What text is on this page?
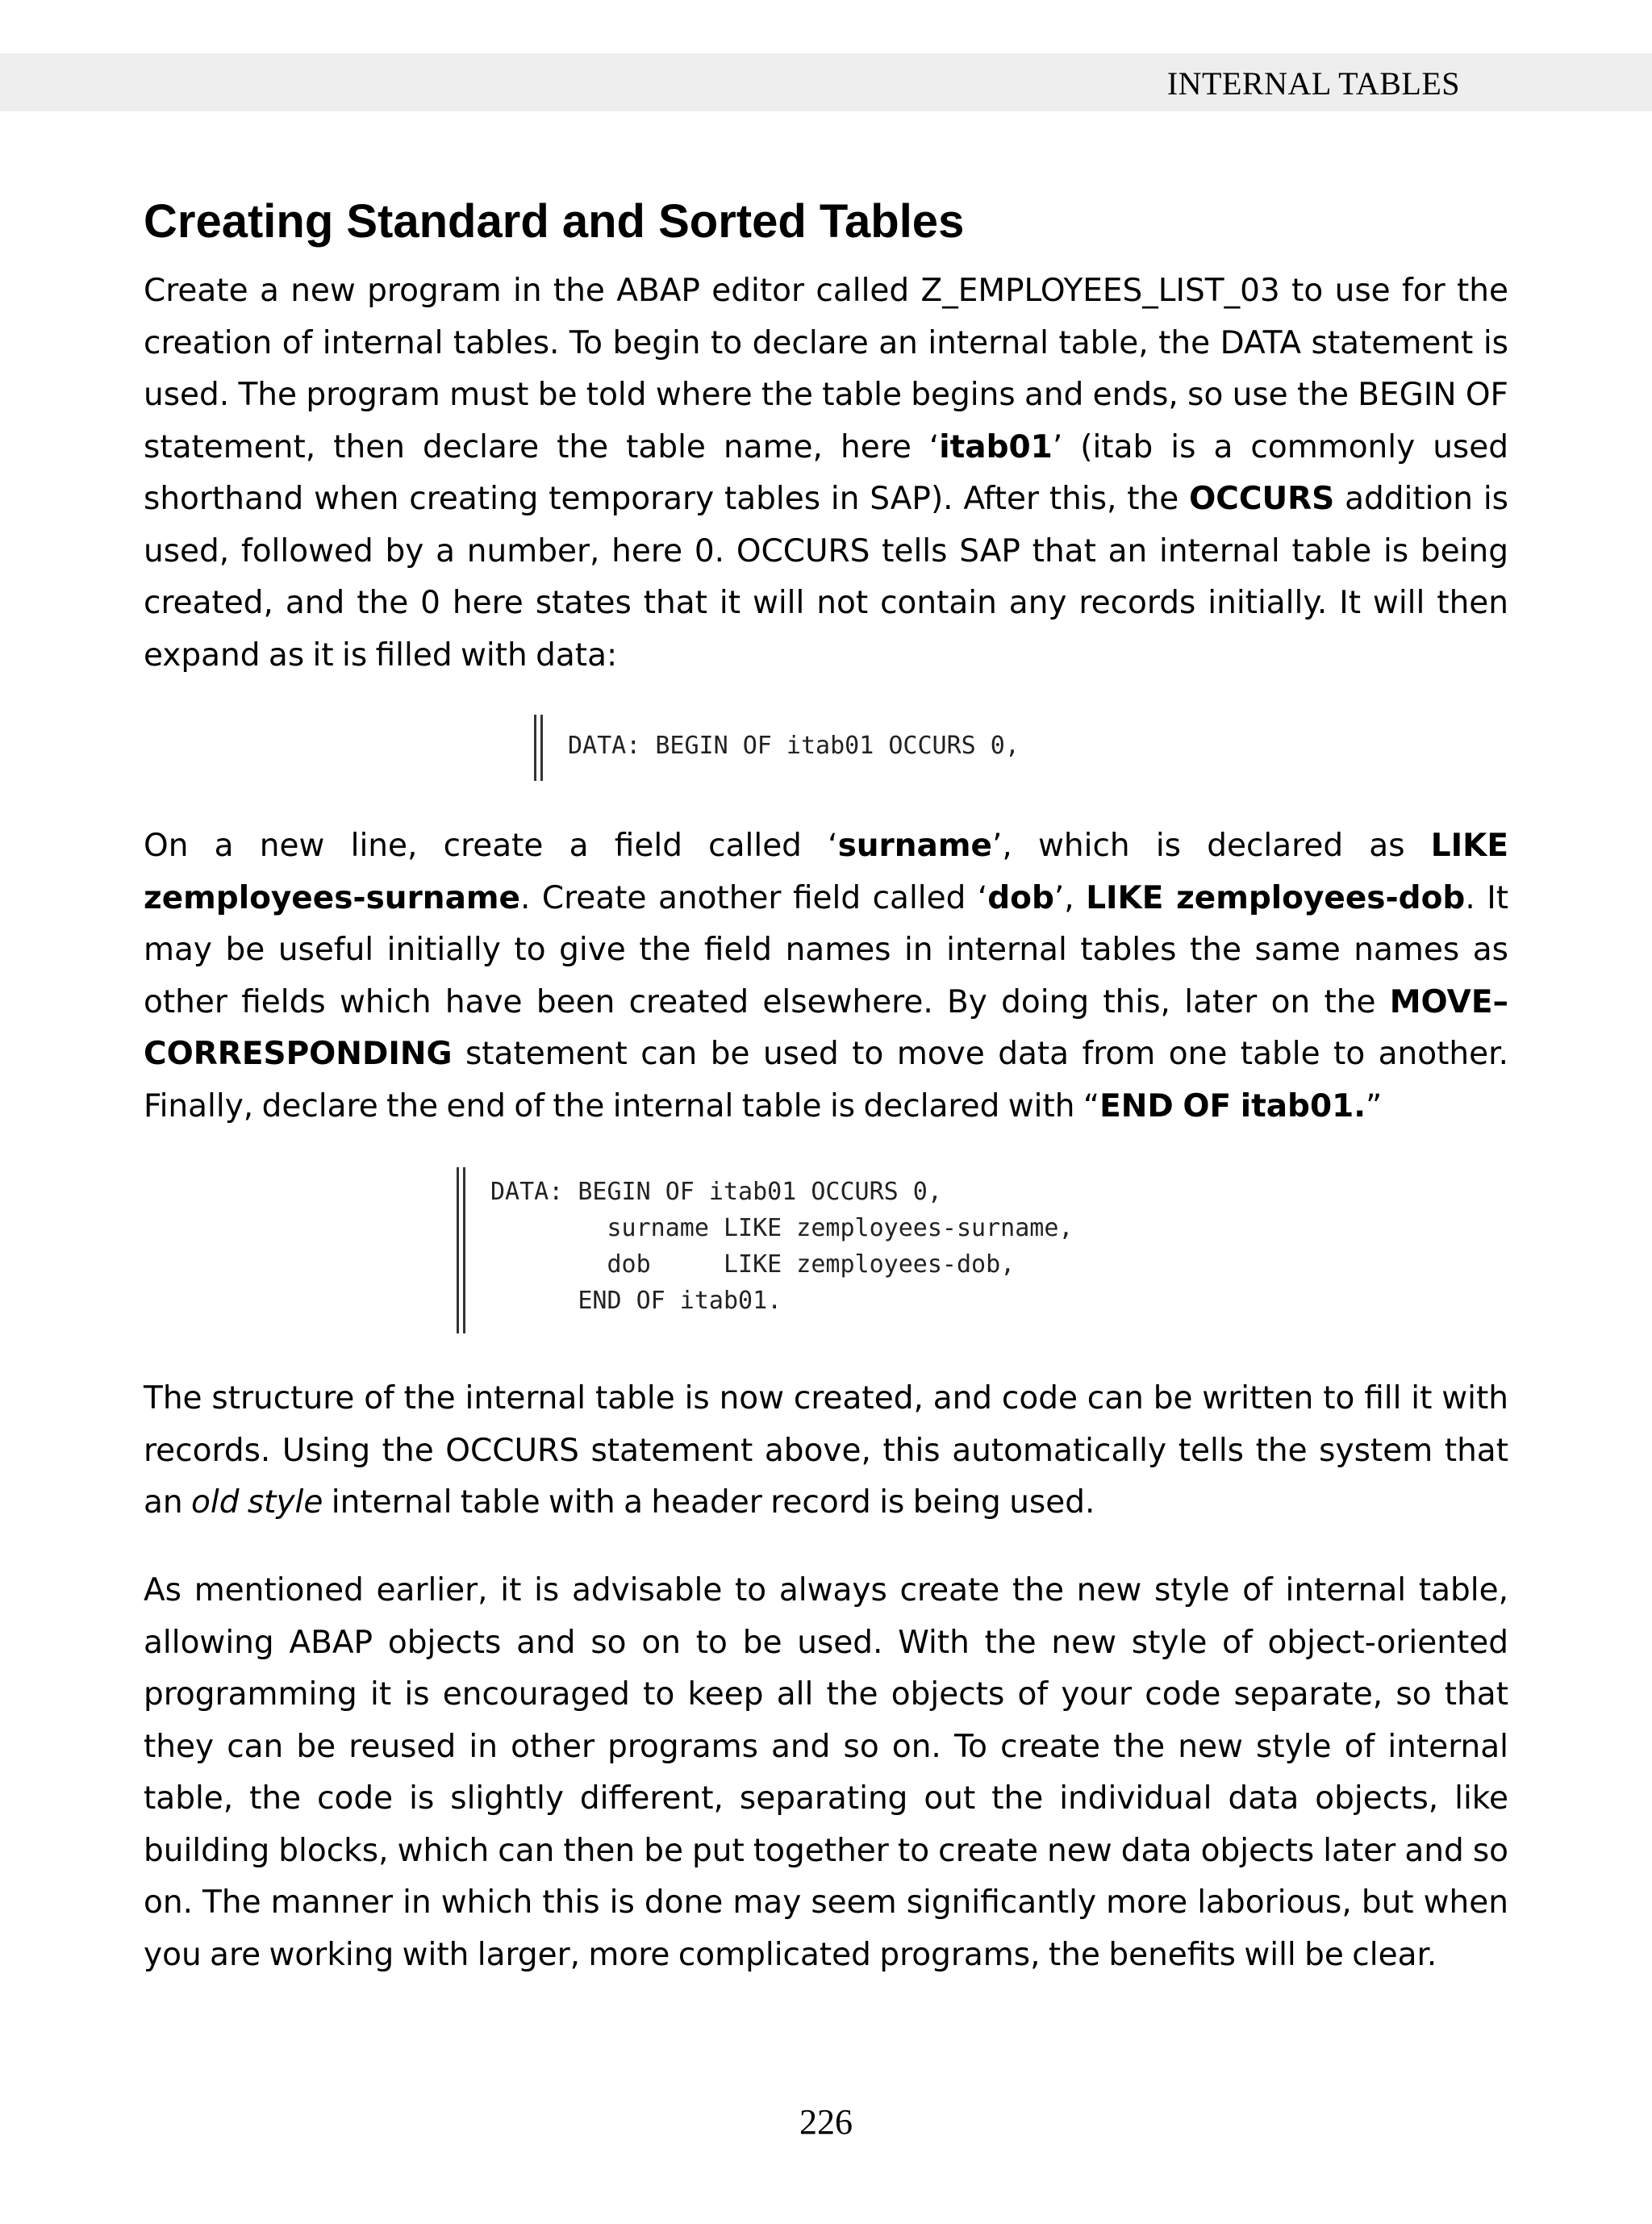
INTERNAL TABLES
Creating Standard and Sorted Tables

Create a new program in the ABAP editor called Z_EMPLOYEES_LIST_03 to use for the creation of internal tables. To begin to declare an internal table, the DATA statement is used. The program must be told where the table begins and ends, so use the BEGIN OF statement, then declare the table name, here ‘itab01’ (itab is a commonly used shorthand when creating temporary tables in SAP). After this, the OCCURS addition is used, followed by a number, here 0. OCCURS tells SAP that an internal table is being created, and the 0 here states that it will not contain any records initially. It will then expand as it is filled with data:

DATA: BEGIN OF itab01 OCCURS 0,

On a new line, create a field called ‘surname’, which is declared as LIKE zemployees-surname. Create another field called ‘dob’, LIKE zemployees-dob. It may be useful initially to give the field names in internal tables the same names as other fields which have been created elsewhere. By doing this, later on the MOVE–CORRESPONDING statement can be used to move data from one table to another. Finally, declare the end of the internal table is declared with “END OF itab01.”

DATA: BEGIN OF itab01 OCCURS 0,

surname LIKE zemployees-surname,

dob     LIKE zemployees-dob,

END OF itab01.

The structure of the internal table is now created, and code can be written to fill it with records. Using the OCCURS statement above, this automatically tells the system that an old style internal table with a header record is being used.

As mentioned earlier, it is advisable to always create the new style of internal table, allowing ABAP objects and so on to be used. With the new style of object-oriented programming it is encouraged to keep all the objects of your code separate, so that they can be reused in other programs and so on. To create the new style of internal table, the code is slightly different, separating out the individual data objects, like building blocks, which can then be put together to create new data objects later and so on. The manner in which this is done may seem significantly more laborious, but when you are working with larger, more complicated programs, the benefits will be clear.

226
